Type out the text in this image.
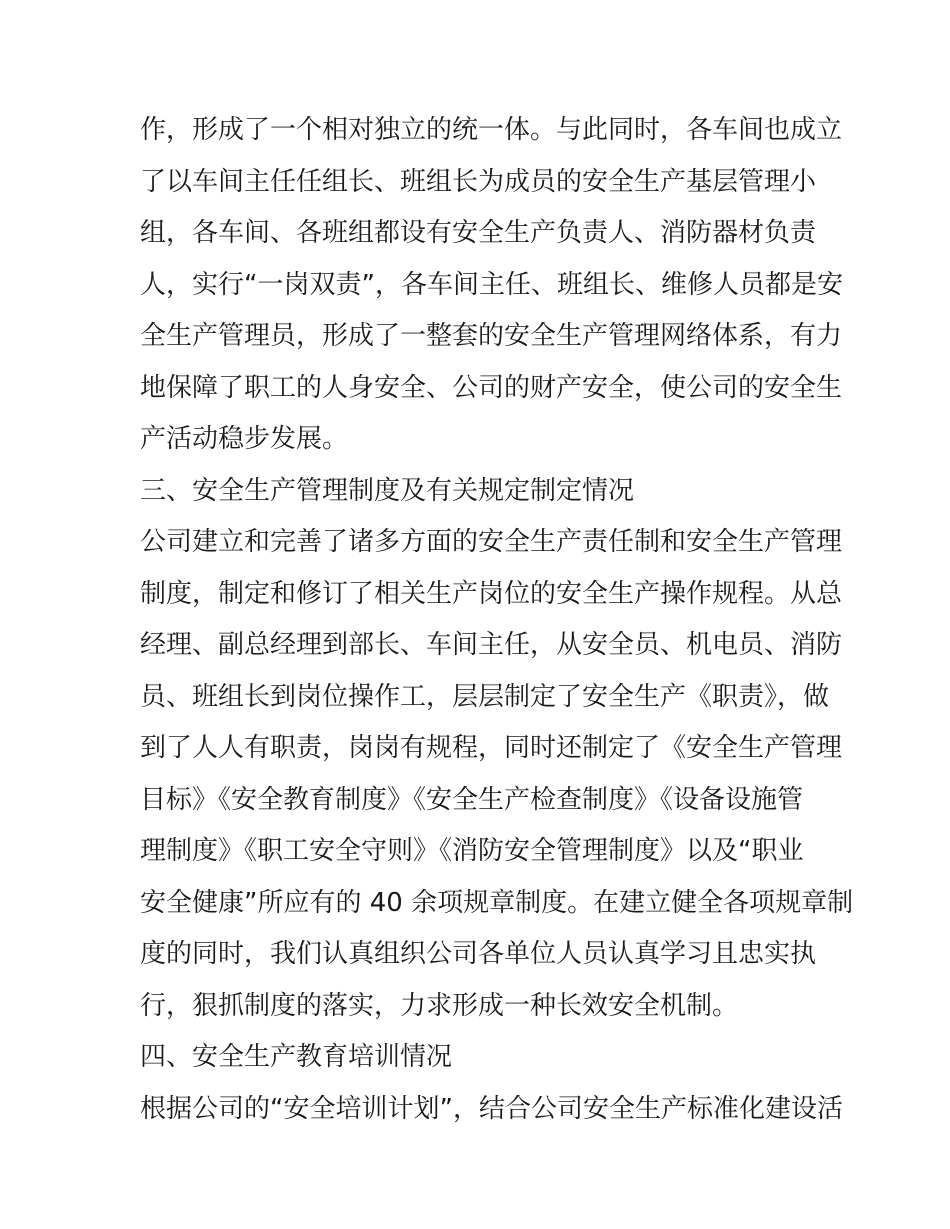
作，形成了一个相对独立的统一体。与此同时，各车间也成立
了以车间主任任组长、班组长为成员的安全生产基层管理小
组，各车间、各班组都设有安全生产负责人、消防器材负责
人，实行“一岗双责”，各车间主任、班组长、维修人员都是安
全生产管理员，形成了一整套的安全生产管理网络体系，有力
地保障了职工的人身安全、公司的财产安全，使公司的安全生
产活动稳步发展。
三、安全生产管理制度及有关规定制定情况
公司建立和完善了诸多方面的安全生产责任制和安全生产管理
制度，制定和修订了相关生产岗位的安全生产操作规程。从总
经理、副总经理到部长、车间主任，从安全员、机电员、消防
员、班组长到岗位操作工，层层制定了安全生产《职责》，做
到了人人有职责，岗岗有规程，同时还制定了《安全生产管理
目标》《安全教育制度》《安全生产检查制度》《设备设施管
理制度》《职工安全守则》《消防安全管理制度》以及“职业
安全健康”所应有的 40 余项规章制度。在建立健全各项规章制
度的同时，我们认真组织公司各单位人员认真学习且忠实执
行，狠抓制度的落实，力求形成一种长效安全机制。
四、安全生产教育培训情况
根据公司的“安全培训计划”，结合公司安全生产标准化建设活
